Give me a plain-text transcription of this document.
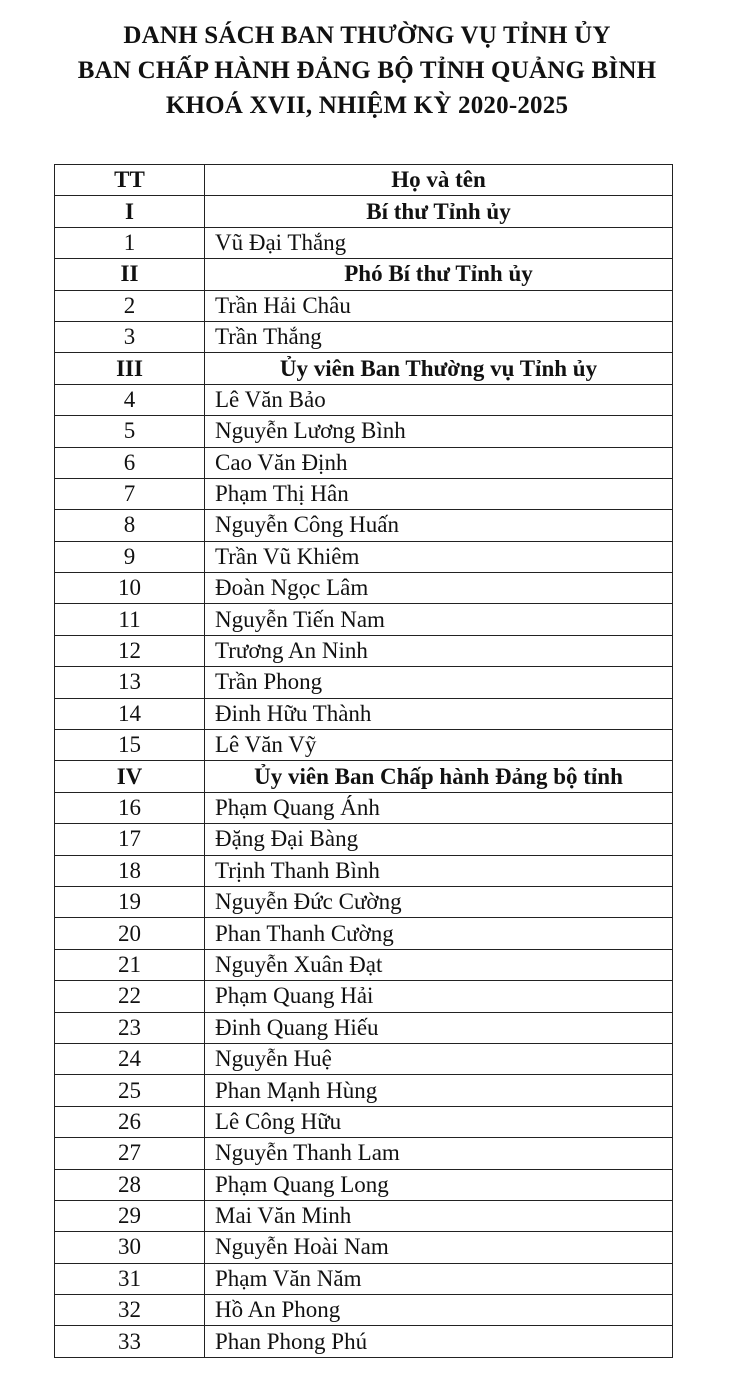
DANH SÁCH BAN THƯỜNG VỤ TỈNH ỦY
BAN CHẤP HÀNH ĐẢNG BỘ TỈNH QUẢNG BÌNH
KHOÁ XVII, NHIỆM KỲ 2020-2025
TT	Họ và tên
I	Bí thư Tỉnh ủy
1	Vũ Đại Thắng
II	Phó Bí thư Tỉnh ủy
2	Trần Hải Châu
3	Trần Thắng
III	Ủy viên Ban Thường vụ Tỉnh ủy
4	Lê Văn Bảo
5	Nguyễn Lương Bình
6	Cao Văn Định
7	Phạm Thị Hân
8	Nguyễn Công Huấn
9	Trần Vũ Khiêm
10	Đoàn Ngọc Lâm
11	Nguyễn Tiến Nam
12	Trương An Ninh
13	Trần Phong
14	Đinh Hữu Thành
15	Lê Văn Vỹ
IV	Ủy viên Ban Chấp hành Đảng bộ tỉnh
16	Phạm Quang Ánh
17	Đặng Đại Bàng
18	Trịnh Thanh Bình
19	Nguyễn Đức Cường
20	Phan Thanh Cường
21	Nguyễn Xuân Đạt
22	Phạm Quang Hải
23	Đinh Quang Hiếu
24	Nguyễn Huệ
25	Phan Mạnh Hùng
26	Lê Công Hữu
27	Nguyễn Thanh Lam
28	Phạm Quang Long
29	Mai Văn Minh
30	Nguyễn Hoài Nam
31	Phạm Văn Năm
32	Hồ An Phong
33	Phan Phong Phú
